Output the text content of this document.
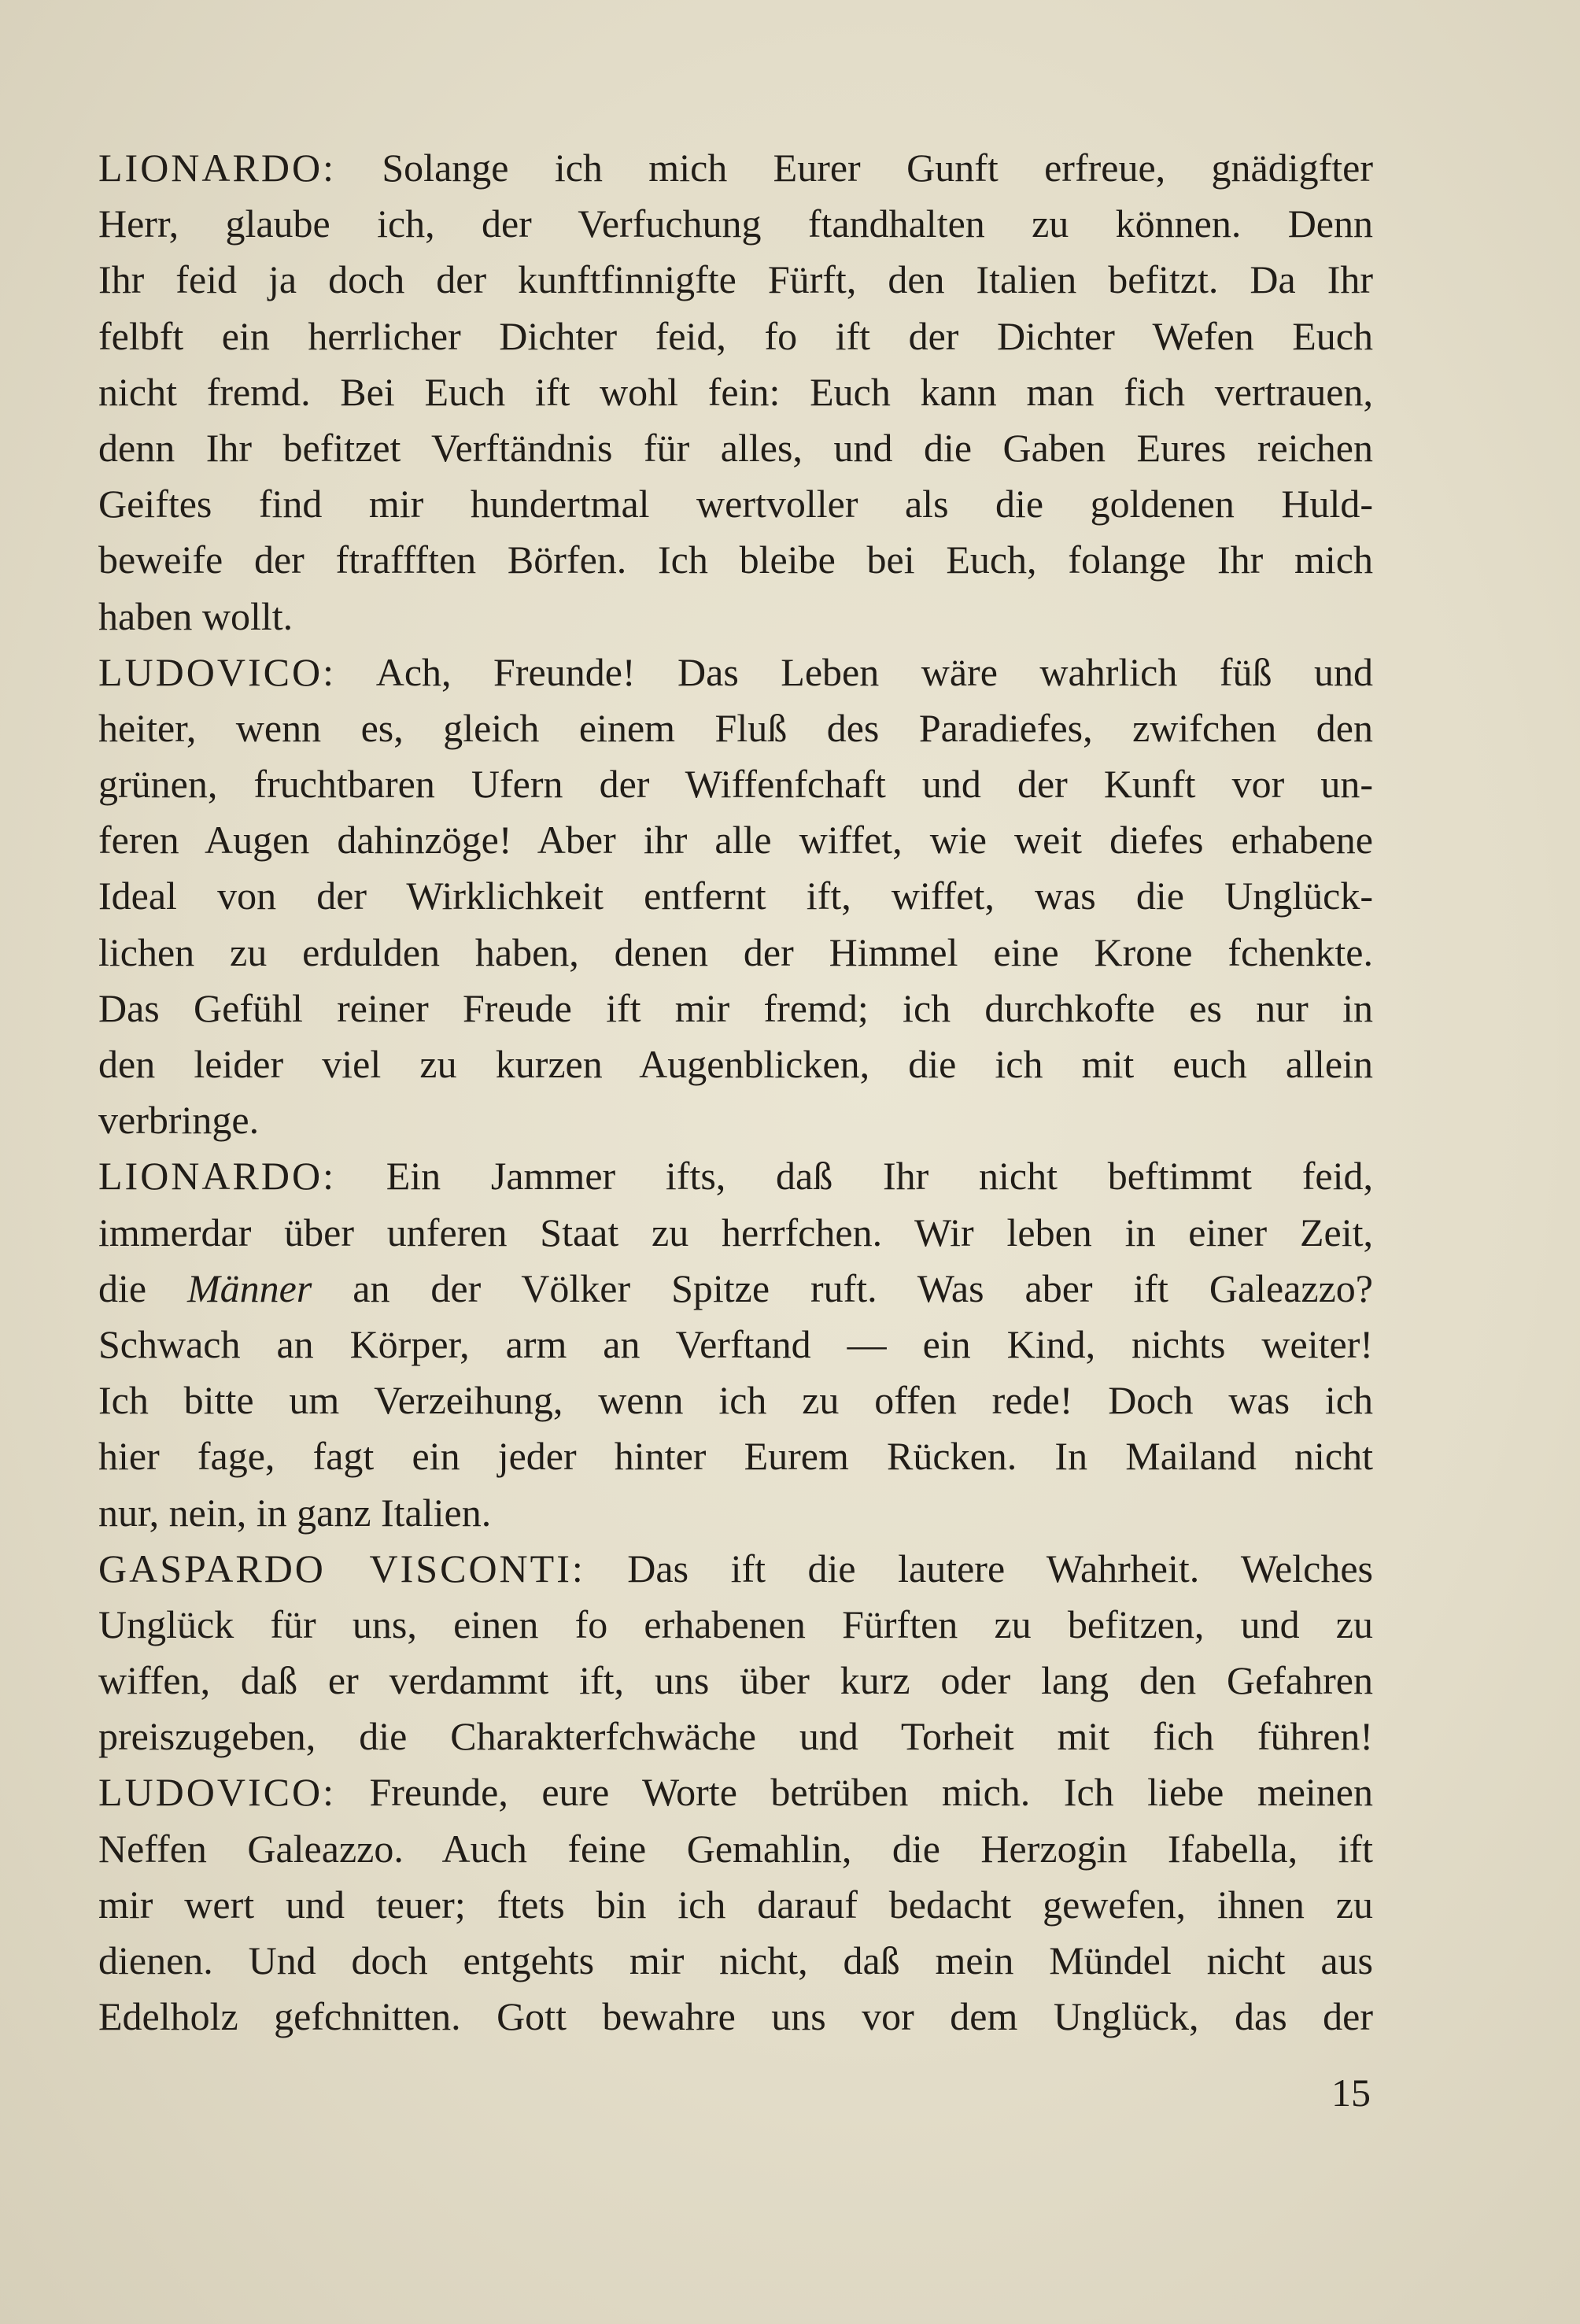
LIONARDO: Solange ich mich Eurer Gunft erfreue, gnädigfter
Herr, glaube ich, der Verfuchung ftandhalten zu können. Denn
Ihr feid ja doch der kunftfinnigfte Fürft, den Italien befitzt. Da Ihr
felbft ein herrlicher Dichter feid, fo ift der Dichter Wefen Euch
nicht fremd. Bei Euch ift wohl fein: Euch kann man fich vertrauen,
denn Ihr befitzet Verftändnis für alles, und die Gaben Eures reichen
Geiftes find mir hundertmal wertvoller als die goldenen Huld-
beweife der ftraffften Börfen. Ich bleibe bei Euch, folange Ihr mich
haben wollt.
LUDOVICO: Ach, Freunde! Das Leben wäre wahrlich füß und
heiter, wenn es, gleich einem Fluß des Paradiefes, zwifchen den
grünen, fruchtbaren Ufern der Wiffenfchaft und der Kunft vor un-
feren Augen dahinzöge! Aber ihr alle wiffet, wie weit diefes erhabene
Ideal von der Wirklichkeit entfernt ift, wiffet, was die Unglück-
lichen zu erdulden haben, denen der Himmel eine Krone fchenkte.
Das Gefühl reiner Freude ift mir fremd; ich durchkofte es nur in
den leider viel zu kurzen Augenblicken, die ich mit euch allein
verbringe.
LIONARDO: Ein Jammer ifts, daß Ihr nicht beftimmt feid,
immerdar über unferen Staat zu herrfchen. Wir leben in einer Zeit,
die Männer an der Völker Spitze ruft. Was aber ift Galeazzo?
Schwach an Körper, arm an Verftand — ein Kind, nichts weiter!
Ich bitte um Verzeihung, wenn ich zu offen rede! Doch was ich
hier fage, fagt ein jeder hinter Eurem Rücken. In Mailand nicht
nur, nein, in ganz Italien.
GASPARDO VISCONTI: Das ift die lautere Wahrheit. Welches
Unglück für uns, einen fo erhabenen Fürften zu befitzen, und zu
wiffen, daß er verdammt ift, uns über kurz oder lang den Gefahren
preiszugeben, die Charakterfchwäche und Torheit mit fich führen!
LUDOVICO: Freunde, eure Worte betrüben mich. Ich liebe meinen
Neffen Galeazzo. Auch feine Gemahlin, die Herzogin Ifabella, ift
mir wert und teuer; ftets bin ich darauf bedacht gewefen, ihnen zu
dienen. Und doch entgehts mir nicht, daß mein Mündel nicht aus
Edelholz gefchnitten. Gott bewahre uns vor dem Unglück, das der
15
